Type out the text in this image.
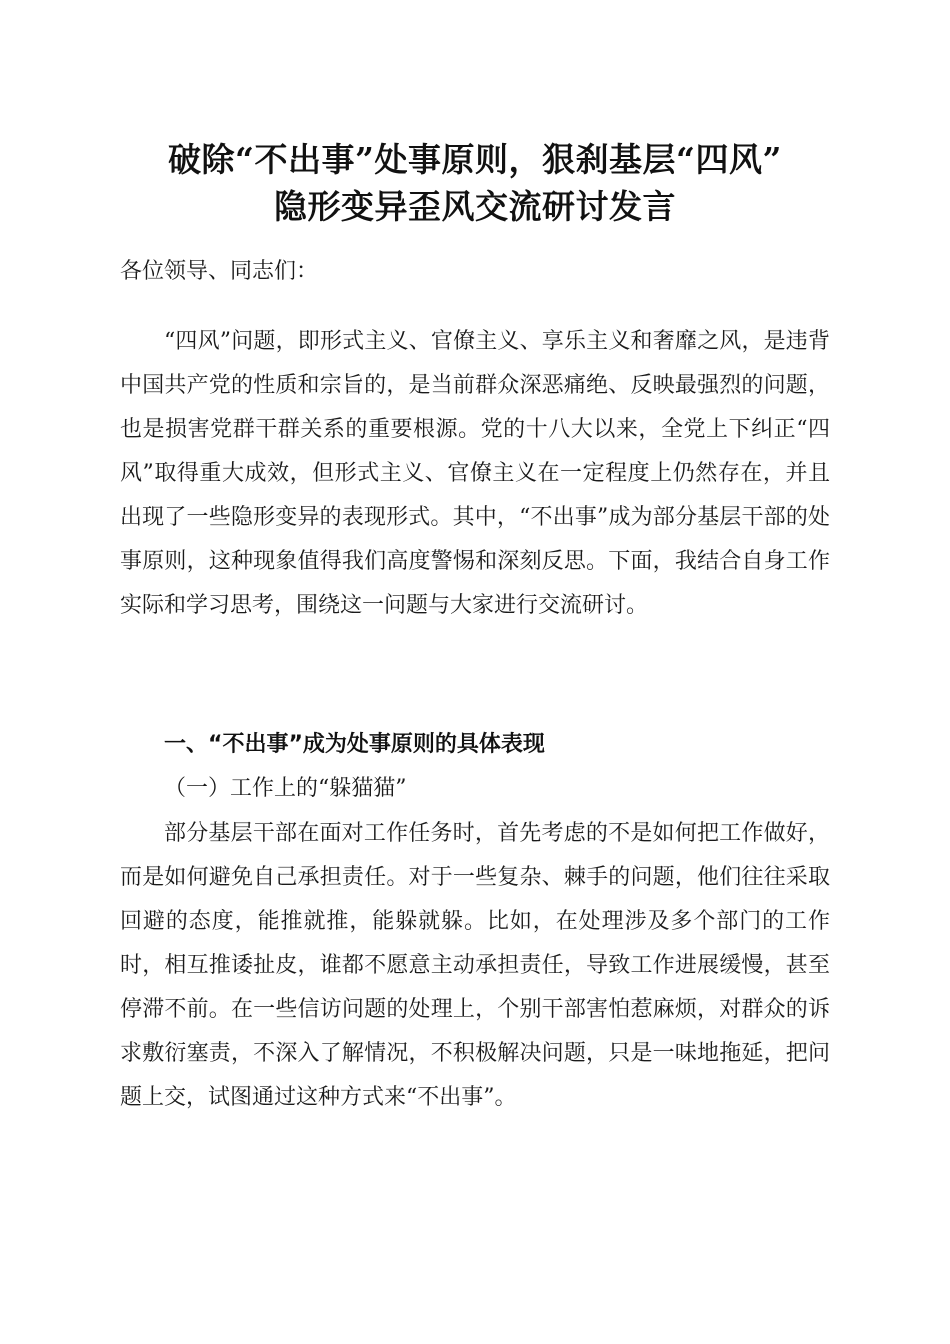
破除“不出事”处事原则，狠刹基层“四风”
隐形变异歪风交流研讨发言
各位领导、同志们：
“四风”问题，即形式主义、官僚主义、享乐主义和奢靡之风，是违背中国共产党的性质和宗旨的，是当前群众深恶痛绝、反映最强烈的问题，也是损害党群干群关系的重要根源。党的十八大以来，全党上下纠正“四风”取得重大成效，但形式主义、官僚主义在一定程度上仍然存在，并且出现了一些隐形变异的表现形式。其中，“不出事”成为部分基层干部的处事原则，这种现象值得我们高度警惕和深刻反思。下面，我结合自身工作实际和学习思考，围绕这一问题与大家进行交流研讨。
一、“不出事”成为处事原则的具体表现
（一）工作上的“躲猫猫”
部分基层干部在面对工作任务时，首先考虑的不是如何把工作做好，而是如何避免自己承担责任。对于一些复杂、棘手的问题，他们往往采取回避的态度，能推就推，能躲就躲。比如，在处理涉及多个部门的工作时，相互推诿扯皮，谁都不愿意主动承担责任，导致工作进展缓慢，甚至停滞不前。在一些信访问题的处理上，个别干部害怕惹麻烦，对群众的诉求敷衍塞责，不深入了解情况，不积极解决问题，只是一味地拖延，把问题上交，试图通过这种方式来“不出事”。
